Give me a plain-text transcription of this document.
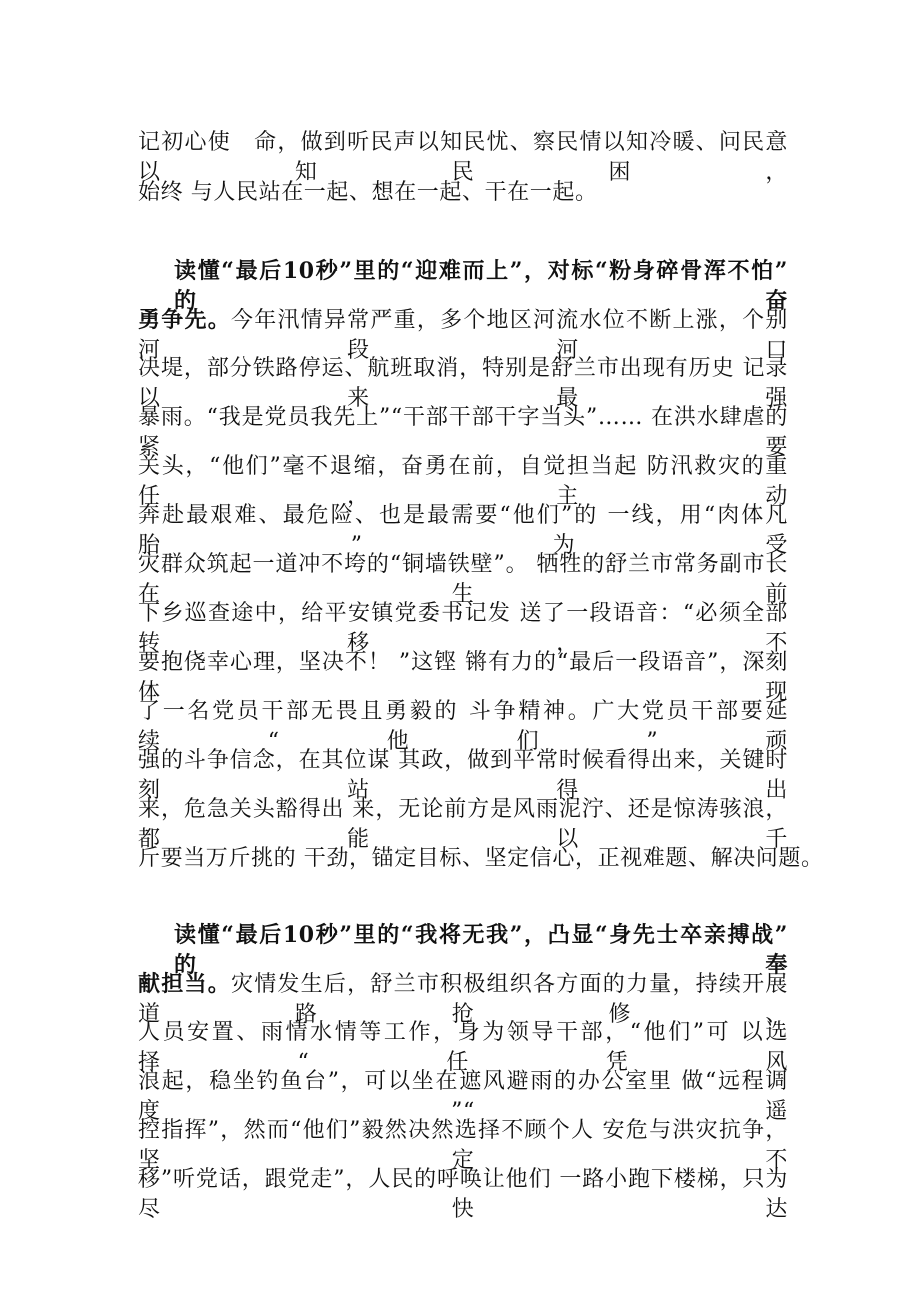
记初心使　命，做到听民声以知民忧、察民情以知冷暖、问民意以知民困，
始终 与人民站在一起、想在一起、干在一起。
读懂“最后10秒”里的“迎难而上”，对标“粉身碎骨浑不怕” 的奋
勇争先。今年汛情异常严重，多个地区河流水位不断上涨，个别 河段河口
决堤，部分铁路停运、航班取消，特别是舒兰市出现有历史 记录以来最强
暴雨。“我是党员我先上”“干部干部干字当头”…… 在洪水肆虐的紧要
关头，“他们”毫不退缩，奋勇在前，自觉担当起 防汛救灾的重任，主动
奔赴最艰难、最危险、也是最需要“他们”的 一线，用“肉体凡胎”为受
灾群众筑起一道冲不垮的“铜墙铁壁”。 牺牲的舒兰市常务副市长在生前
下乡巡查途中，给平安镇党委书记发 送了一段语音：“必须全部转移，不
要抱侥幸心理，坚决不！ ”这铿 锵有力的“最后一段语音”，深刻体现
了一名党员干部无畏且勇毅的 斗争精神。广大党员干部要延续“他们”顽
强的斗争信念，在其位谋 其政，做到平常时候看得出来，关键时刻站得出
来，危急关头豁得出 来，无论前方是风雨泥泞、还是惊涛骇浪，都能以千
斤要当万斤挑的 干劲，锚定目标、坚定信心，正视难题、解决问题。
读懂“最后10秒”里的“我将无我”，凸显“身先士卒亲搏战” 的奉
献担当。灾情发生后，舒兰市积极组织各方面的力量，持续开展 道路抢修、
人员安置、雨情水情等工作，身为领导干部，“他们”可 以选择“任凭风
浪起，稳坐钓鱼台”，可以坐在遮风避雨的办公室里 做“远程调度”“遥
控指挥”，然而“他们”毅然决然选择不顾个人 安危与洪灾抗争，坚定不
移”听党话，跟党走”，人民的呼唤让他们 一路小跑下楼梯，只为尽快达
